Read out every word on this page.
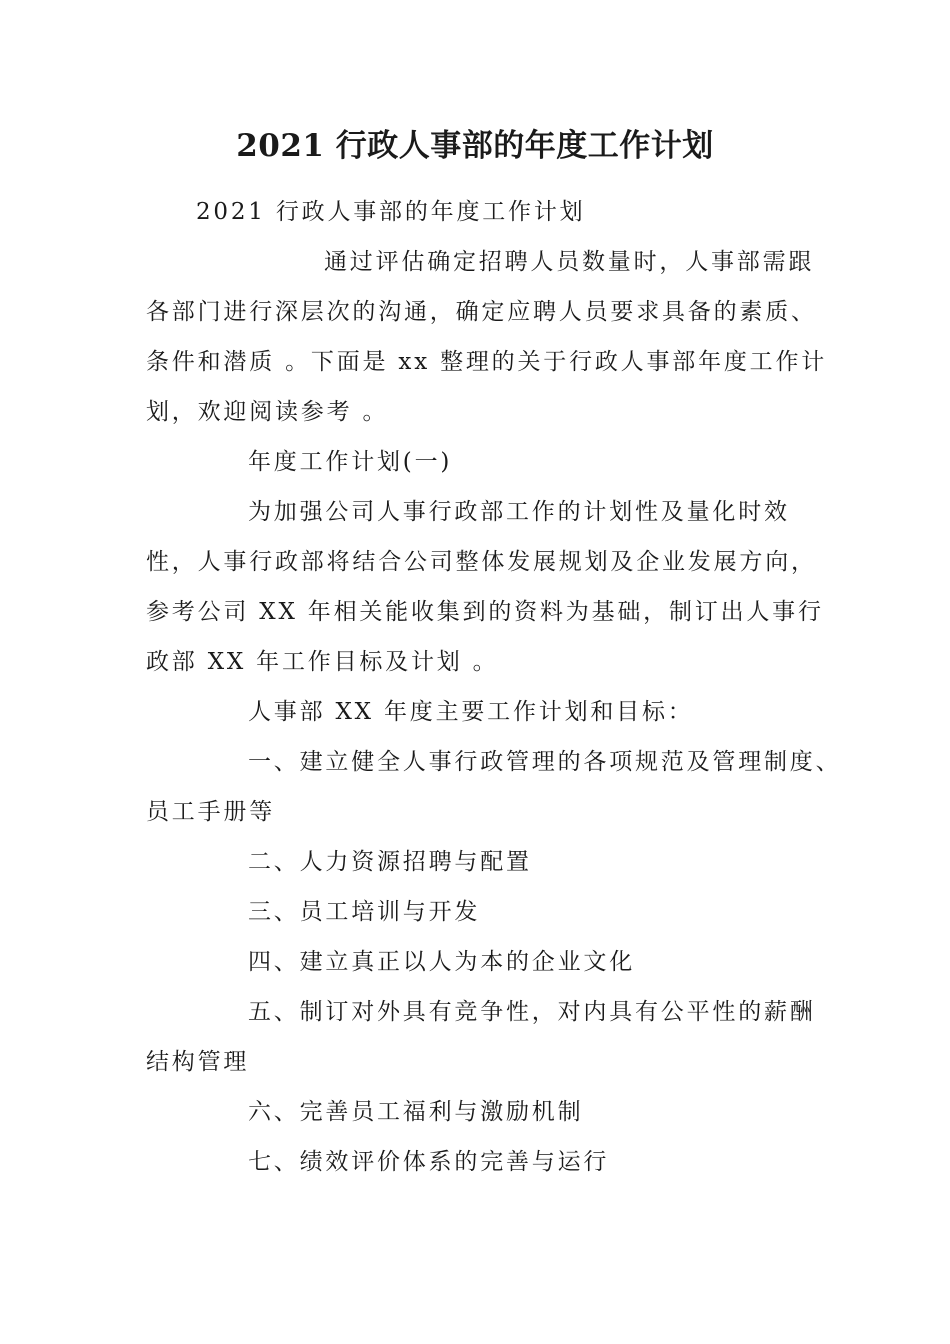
2021 行政人事部的年度工作计划
2021 行政人事部的年度工作计划
通过评估确定招聘人员数量时，人事部需跟
各部门进行深层次的沟通，确定应聘人员要求具备的素质、
条件和潜质 。下面是 xx 整理的关于行政人事部年度工作计
划，欢迎阅读参考 。
年度工作计划(一)
为加强公司人事行政部工作的计划性及量化时效
性，人事行政部将结合公司整体发展规划及企业发展方向，
参考公司 XX 年相关能收集到的资料为基础，制订出人事行
政部 XX 年工作目标及计划 。
人事部 XX 年度主要工作计划和目标：
一、建立健全人事行政管理的各项规范及管理制度、
员工手册等
二、人力资源招聘与配置
三、员工培训与开发
四、建立真正以人为本的企业文化
五、制订对外具有竞争性，对内具有公平性的薪酬
结构管理
六、完善员工福利与激励机制
七、绩效评价体系的完善与运行
